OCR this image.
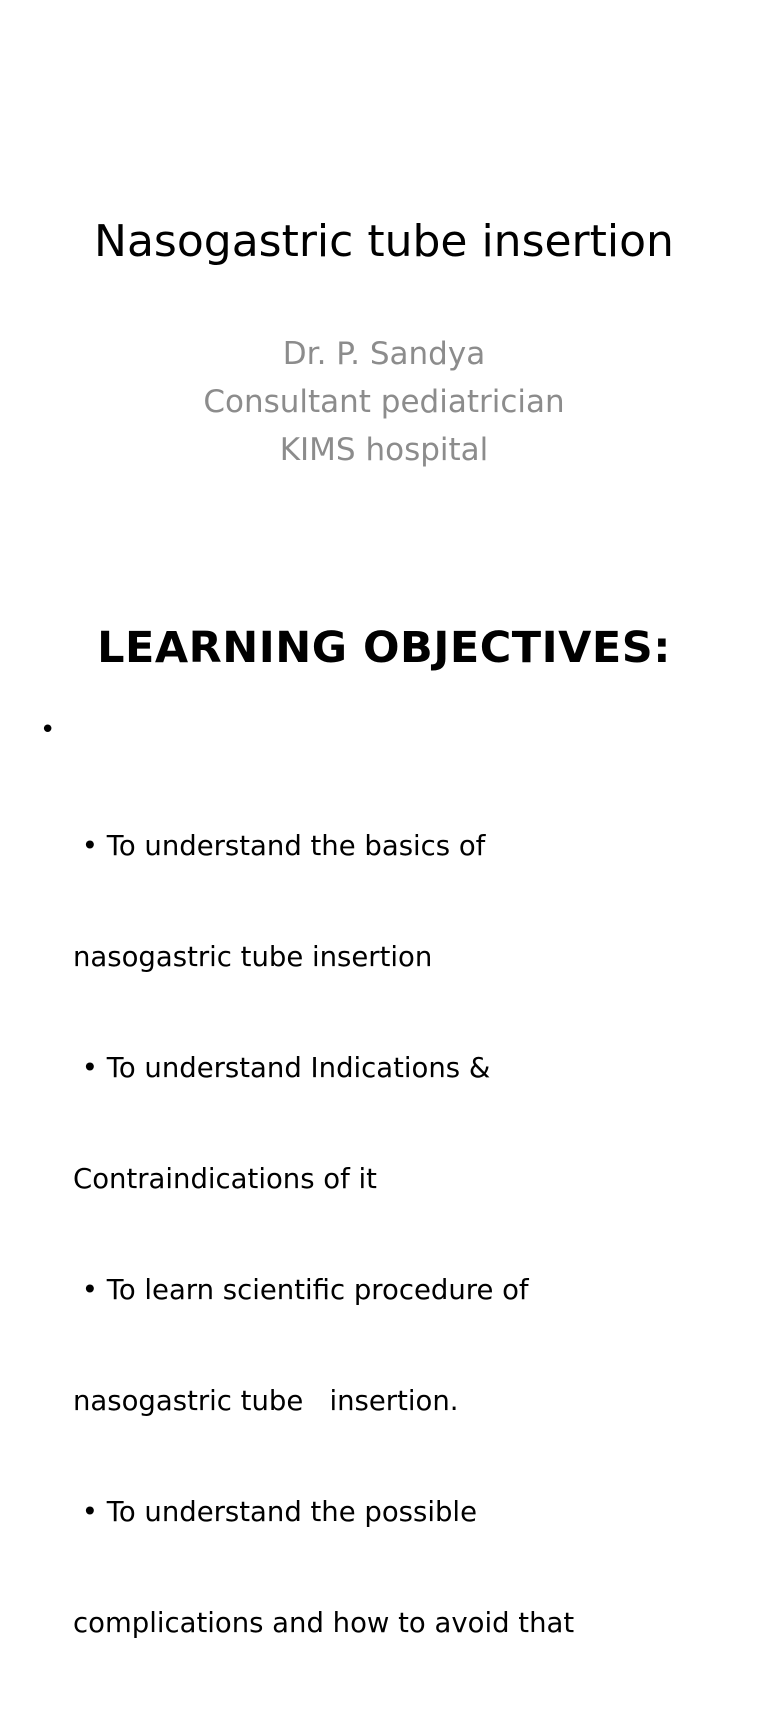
Nasogastric tube insertion
Dr. P. Sandya
Consultant pediatrician
KIMS hospital
LEARNING OBJECTIVES:
•

• To understand the basics of

nasogastric tube insertion

• To understand Indications &

Contraindications of it

• To learn scientific procedure of

nasogastric tube   insertion.

• To understand the possible

complications and how to avoid that
